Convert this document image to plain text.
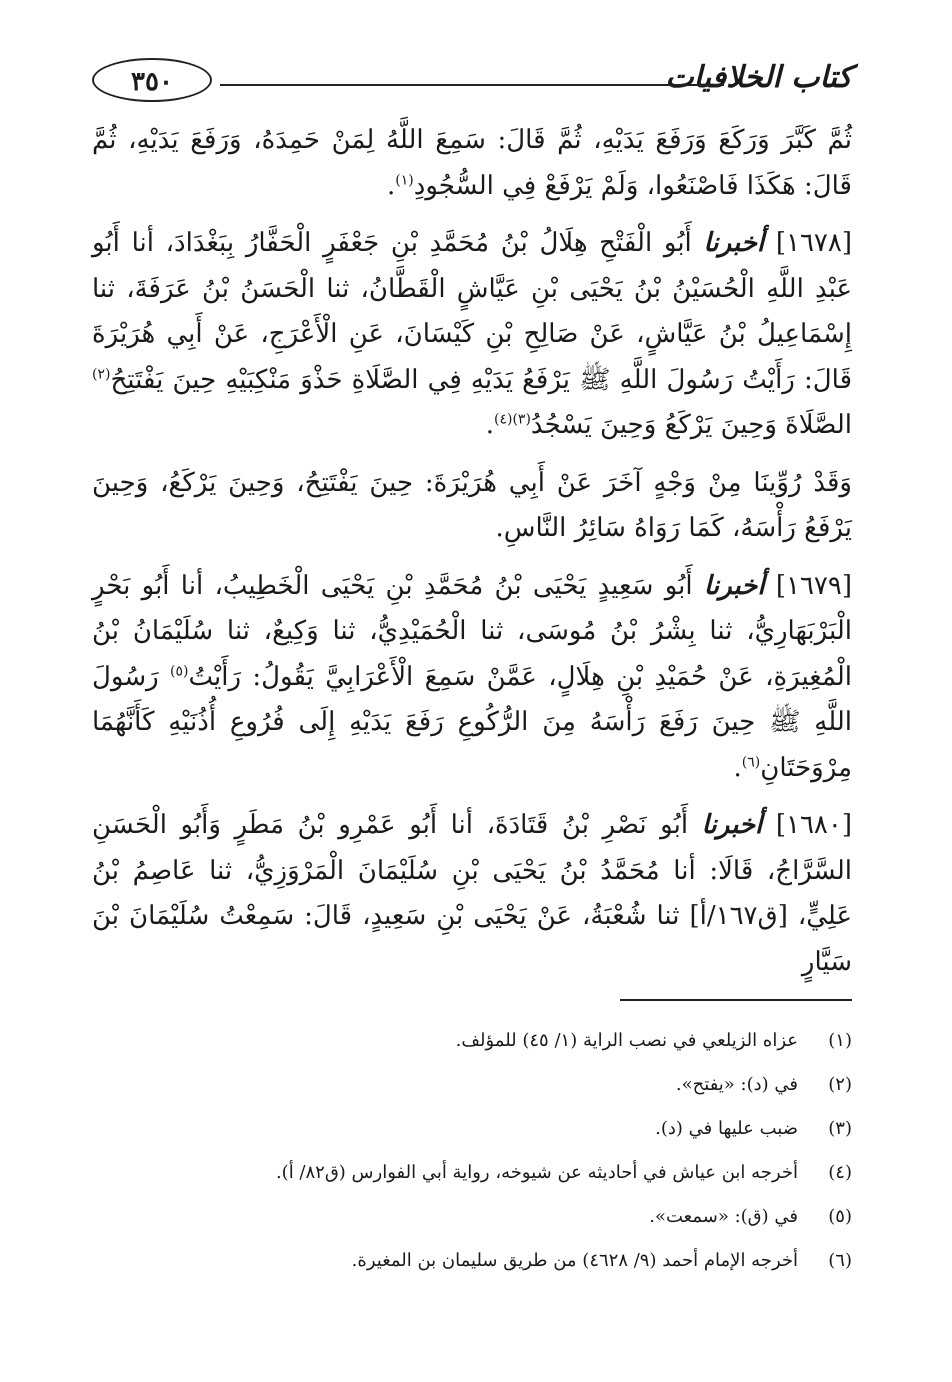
كتاب الخلافيات
٣٥٠

ثُمَّ كَبَّرَ وَرَكَعَ وَرَفَعَ يَدَيْهِ، ثُمَّ قَالَ: سَمِعَ اللَّهُ لِمَنْ حَمِدَهُ، وَرَفَعَ يَدَيْهِ، ثُمَّ قَالَ: هَكَذَا فَاصْنَعُوا، وَلَمْ يَرْفَعْ فِي السُّجُودِ$^{(١)}$.

[١٦٧٨] أخبرنا أَبُو الْفَتْحِ هِلَالُ بْنُ مُحَمَّدِ بْنِ جَعْفَرٍ الْحَفَّارُ بِبَغْدَادَ، أنا أَبُو عَبْدِ اللَّهِ الْحُسَيْنُ بْنُ يَحْيَى بْنِ عَيَّاشٍ الْقَطَّانُ، ثنا الْحَسَنُ بْنُ عَرَفَةَ، ثنا إِسْمَاعِيلُ بْنُ عَيَّاشٍ، عَنْ صَالِحِ بْنِ كَيْسَانَ، عَنِ الْأَعْرَجِ، عَنْ أَبِي هُرَيْرَةَ قَالَ: رَأَيْتُ رَسُولَ اللَّهِ ﷺ يَرْفَعُ يَدَيْهِ فِي الصَّلَاةِ حَذْوَ مَنْكِبَيْهِ حِينَ يَفْتَتِحُ$^{(٢)}$ الصَّلَاةَ وَحِينَ يَرْكَعُ وَحِينَ يَسْجُدُ$^{(٣)(٤)}$.

وَقَدْ رُوِّينَا مِنْ وَجْهٍ آخَرَ عَنْ أَبِي هُرَيْرَةَ: حِينَ يَفْتَتِحُ، وَحِينَ يَرْكَعُ، وَحِينَ يَرْفَعُ رَأْسَهُ، كَمَا رَوَاهُ سَائِرُ النَّاسِ.

[١٦٧٩] أخبرنا أَبُو سَعِيدٍ يَحْيَى بْنُ مُحَمَّدِ بْنِ يَحْيَى الْخَطِيبُ، أنا أَبُو بَحْرٍ الْبَرْبَهَارِيُّ، ثنا بِشْرُ بْنُ مُوسَى، ثنا الْحُمَيْدِيُّ، ثنا وَكِيعٌ، ثنا سُلَيْمَانُ بْنُ الْمُغِيرَةِ، عَنْ حُمَيْدِ بْنِ هِلَالٍ، عَمَّنْ سَمِعَ الْأَعْرَابِيَّ يَقُولُ: رَأَيْتُ$^{(٥)}$ رَسُولَ اللَّهِ ﷺ حِينَ رَفَعَ رَأْسَهُ مِنَ الرُّكُوعِ رَفَعَ يَدَيْهِ إِلَى فُرُوعِ أُذُنَيْهِ كَأَنَّهُمَا مِرْوَحَتَانِ$^{(٦)}$.

[١٦٨٠] أخبرنا أَبُو نَصْرِ بْنُ قَتَادَةَ، أنا أَبُو عَمْرِو بْنُ مَطَرٍ وَأَبُو الْحَسَنِ السَّرَّاجُ، قَالَا: أنا مُحَمَّدُ بْنُ يَحْيَى بْنِ سُلَيْمَانَ الْمَرْوَزِيُّ، ثنا عَاصِمُ بْنُ عَلِيٍّ، [ق١٦٧/أ] ثنا شُعْبَةُ، عَنْ يَحْيَى بْنِ سَعِيدٍ، قَالَ: سَمِعْتُ سُلَيْمَانَ بْنَ سَيَّارٍ

(١)
عزاه الزيلعي في نصب الراية (١/ ٤٥) للمؤلف.
(٢)
في (د): «يفتح».
(٣)
ضبب عليها في (د).
(٤)
أخرجه ابن عياش في أحاديثه عن شيوخه، رواية أبي الفوارس (ق٨٢/ أ).
(٥)
في (ق): «سمعت».
(٦)
أخرجه الإمام أحمد (٩/ ٤٦٢٨) من طريق سليمان بن المغيرة.
